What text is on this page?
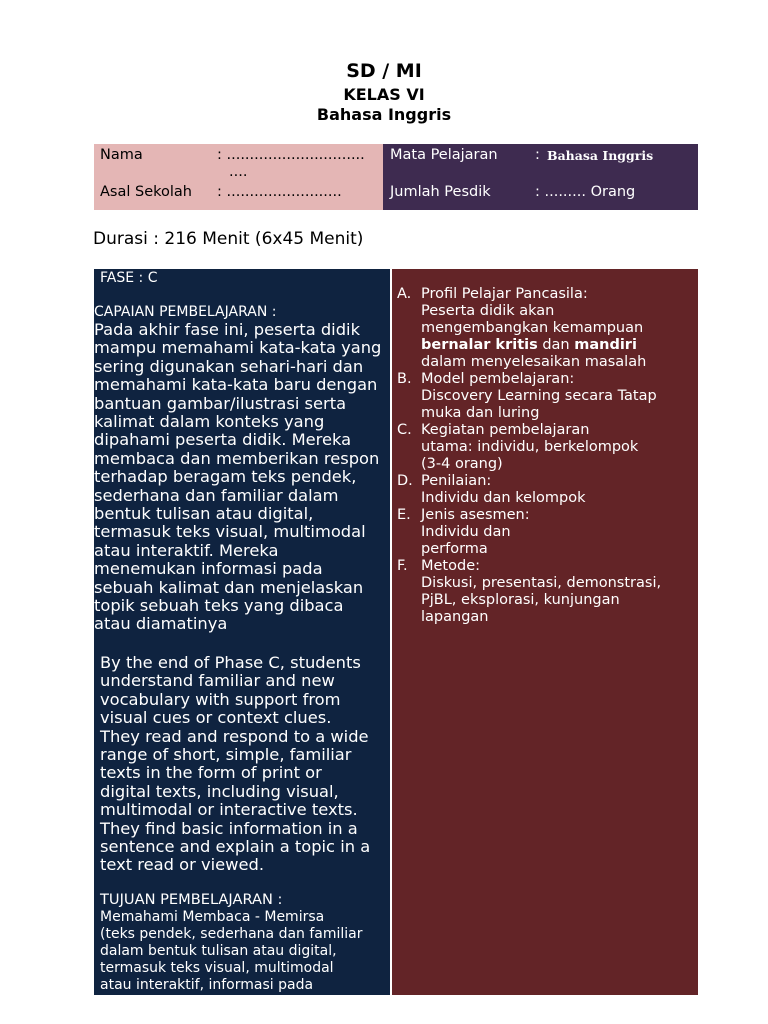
SD / MI
KELAS VI
Bahasa Inggris
Nama	: ..............................
....
Asal Sekolah : .........................
Mata Pelajaran	: Bahasa Inggris
Jumlah Pesdik	: ......... Orang
Durasi : 216 Menit (6x45 Menit)
FASE : C
CAPAIAN PEMBELAJARAN :
Pada akhir fase ini, peserta didik
mampu memahami kata-kata yang
sering digunakan sehari-hari dan
memahami kata-kata baru dengan
bantuan gambar/ilustrasi serta
kalimat dalam konteks yang
dipahami peserta didik. Mereka
membaca dan memberikan respon
terhadap beragam teks pendek,
sederhana dan familiar dalam
bentuk tulisan atau digital,
termasuk teks visual, multimodal
atau interaktif. Mereka
menemukan informasi pada
sebuah kalimat dan menjelaskan
topik sebuah teks yang dibaca
atau diamatinya
By the end of Phase C, students
understand familiar and new
vocabulary with support from
visual cues or context clues.
They read and respond to a wide
range of short, simple, familiar
texts in the form of print or
digital texts, including visual,
multimodal or interactive texts.
They find basic information in a
sentence and explain a topic in a
text read or viewed.
TUJUAN PEMBELAJARAN :
Memahami Membaca - Memirsa
(teks pendek, sederhana dan familiar
dalam bentuk tulisan atau digital,
termasuk teks visual, multimodal
atau interaktif, informasi pada
A. Profil Pelajar Pancasila:
Peserta didik akan
mengembangkan kemampuan
bernalar kritis dan mandiri
dalam menyelesaikan masalah
B. Model pembelajaran:
Discovery Learning secara Tatap
muka dan luring
C. Kegiatan pembelajaran
utama: individu, berkelompok
(3-4 orang)
D. Penilaian:
Individu dan kelompok
E. Jenis asesmen:
Individu dan
performa
F. Metode:
Diskusi, presentasi, demonstrasi,
PjBL, eksplorasi, kunjungan
lapangan
